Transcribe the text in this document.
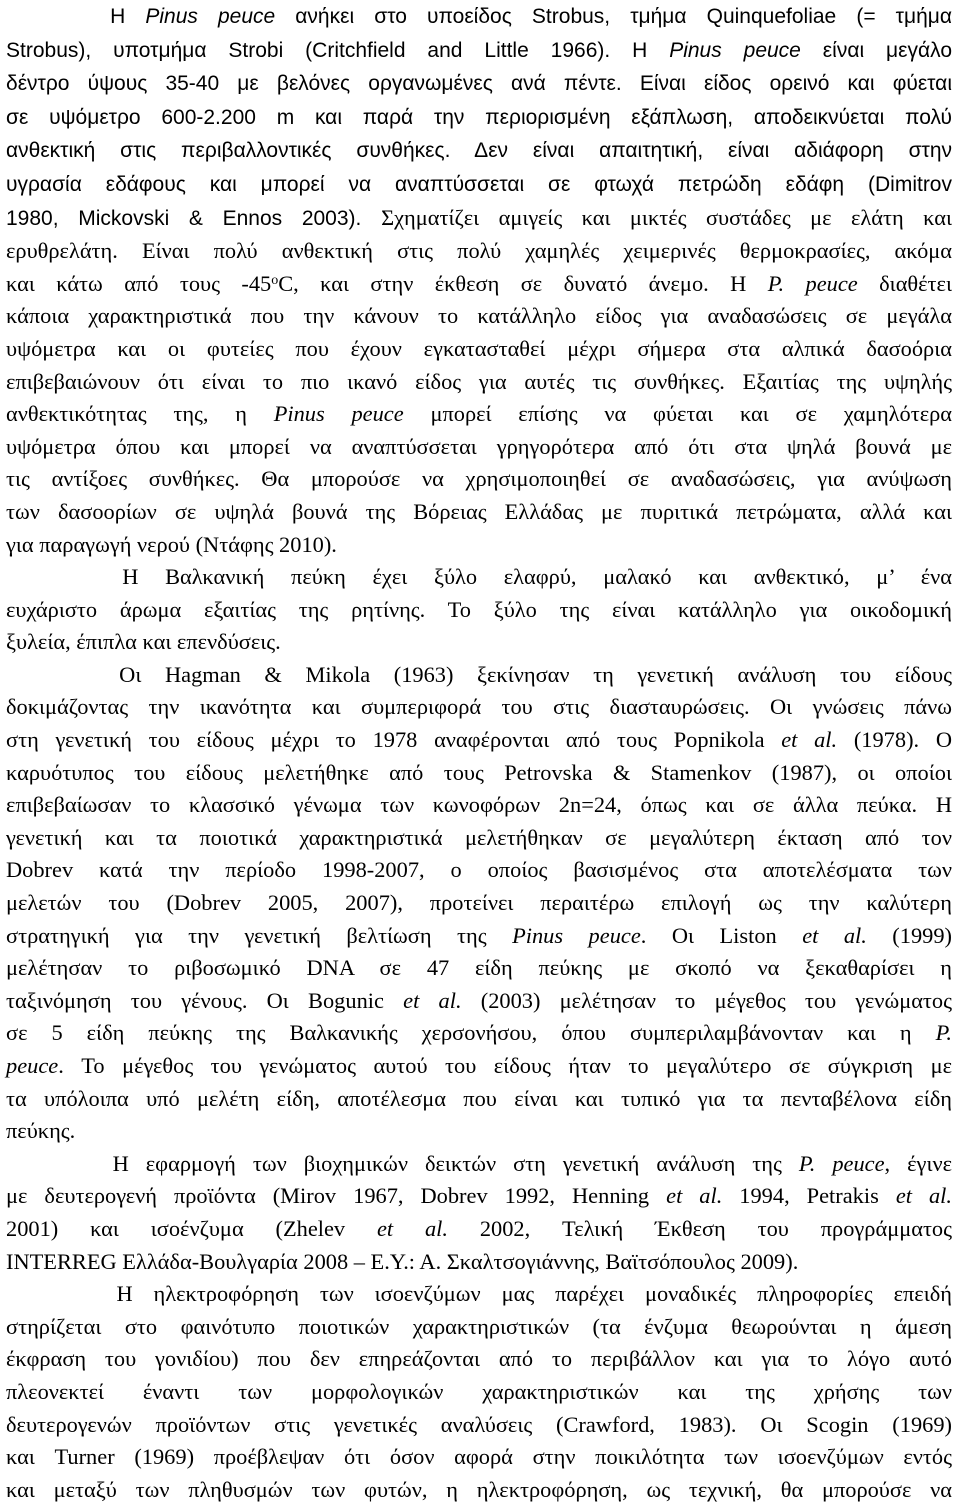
     Η Pinus peuce ανήκει στο υποείδος Strobus, τμήμα Quinquefoliae (= τμήμα
Strobus), υποτμήμα Strobi (Critchfield and Little 1966). Η Pinus peuce είναι μεγάλο
δέντρο ύψους 35-40 με βελόνες οργανωμένες ανά πέντε. Είναι είδος ορεινό και φύεται
σε υψόμετρο 600-2.200 m και παρά την περιορισμένη εξάπλωση, αποδεικνύεται πολύ
ανθεκτική στις περιβαλλοντικές συνθήκες. Δεν είναι απαιτητική, είναι αδιάφορη στην
υγρασία εδάφους και μπορεί να αναπτύσσεται σε φτωχά πετρώδη εδάφη (Dimitrov
1980, Mickovski & Ennos 2003). Σχηματίζει αμιγείς και μικτές συστάδες με ελάτη και
ερυθρελάτη. Είναι πολύ ανθεκτική στις πολύ χαμηλές χειμερινές θερμοκρασίες, ακόμα
και κάτω από τους -45$^o$C, και στην έκθεση σε δυνατό άνεμο. Η P. peuce διαθέτει
κάποια χαρακτηριστικά που την κάνουν το κατάλληλο είδος για αναδασώσεις σε μεγάλα
υψόμετρα και οι φυτείες που έχουν εγκατασταθεί μέχρι σήμερα στα αλπικά δασοόρια
επιβεβαιώνουν ότι είναι το πιο ικανό είδος για αυτές τις συνθήκες. Εξαιτίας της υψηλής
ανθεκτικότητας της, η Pinus peuce μπορεί επίσης να φύεται και σε χαμηλότερα
υψόμετρα όπου και μπορεί να αναπτύσσεται γρηγορότερα από ότι στα ψηλά βουνά με
τις αντίξοες συνθήκες. Θα μπορούσε να χρησιμοποιηθεί σε αναδασώσεις, για ανύψωση
των δασοορίων σε υψηλά βουνά της Βόρειας Ελλάδας με πυριτικά πετρώματα, αλλά και
για παραγωγή νερού (Ντάφης 2010).
     Η Βαλκανική πεύκη έχει ξύλο ελαφρύ, μαλακό και ανθεκτικό, μ’ ένα
ευχάριστο άρωμα εξαιτίας της ρητίνης. Το ξύλο της είναι κατάλληλο για οικοδομική
ξυλεία, έπιπλα και επενδύσεις.
     Οι Hagman & Mikola (1963) ξεκίνησαν τη γενετική ανάλυση του είδους
δοκιμάζοντας την ικανότητα και συμπεριφορά του στις διασταυρώσεις. Οι γνώσεις πάνω
στη γενετική του είδους μέχρι το 1978 αναφέρονται από τους Popnikola et al. (1978). Ο
καρυότυπος του είδους μελετήθηκε από τους Petrovska & Stamenkov (1987), οι οποίοι
επιβεβαίωσαν το κλασσικό γένωμα των κωνοφόρων 2n=24, όπως και σε άλλα πεύκα. Η
γενετική και τα ποιοτικά χαρακτηριστικά μελετήθηκαν σε μεγαλύτερη έκταση από τον
Dobrev κατά την περίοδο 1998-2007, ο οποίος βασισμένος στα αποτελέσματα των
μελετών του (Dobrev 2005, 2007), προτείνει περαιτέρω επιλογή ως την καλύτερη
στρατηγική για την γενετική βελτίωση της Pinus peuce. Οι Liston et al. (1999)
μελέτησαν το ριβοσωμικό DNA σε 47 είδη πεύκης με σκοπό να ξεκαθαρίσει η
ταξινόμηση του γένους. Οι Bogunic et al. (2003) μελέτησαν το μέγεθος του γενώματος
σε 5 είδη πεύκης της Βαλκανικής χερσονήσου, όπου συμπεριλαμβάνονταν και η P.
peuce. Το μέγεθος του γενώματος αυτού του είδους ήταν το μεγαλύτερο σε σύγκριση με
τα υπόλοιπα υπό μελέτη είδη, αποτέλεσμα που είναι και τυπικό για τα πενταβέλονα είδη
πεύκης.
     Η εφαρμογή των βιοχημικών δεικτών στη γενετική ανάλυση της P. peuce, έγινε
με δευτερογενή προϊόντα (Mirov 1967, Dobrev 1992, Henning et al. 1994, Petrakis et al.
2001) και ισοένζυμα (Zhelev et al. 2002, Τελική Έκθεση του προγράμματος
INTERREG Ελλάδα-Βουλγαρία 2008 – Ε.Υ.: Α. Σκαλτσογιάννης, Βαϊτσόπουλος 2009).
     Η ηλεκτροφόρηση των ισοενζύμων μας παρέχει μοναδικές πληροφορίες επειδή
στηρίζεται στο φαινότυπο ποιοτικών χαρακτηριστικών (τα ένζυμα θεωρούνται η άμεση
έκφραση του γονιδίου) που δεν επηρεάζονται από το περιβάλλον και για το λόγο αυτό
πλεονεκτεί έναντι των μορφολογικών χαρακτηριστικών και της χρήσης των
δευτερογενών προϊόντων στις γενετικές αναλύσεις (Crawford, 1983). Οι Scogin (1969)
και Turner (1969) προέβλεψαν ότι όσον αφορά στην ποικιλότητα των ισοενζύμων εντός
και μεταξύ των πληθυσμών των φυτών, η ηλεκτροφόρηση, ως τεχνική, θα μπορούσε να
